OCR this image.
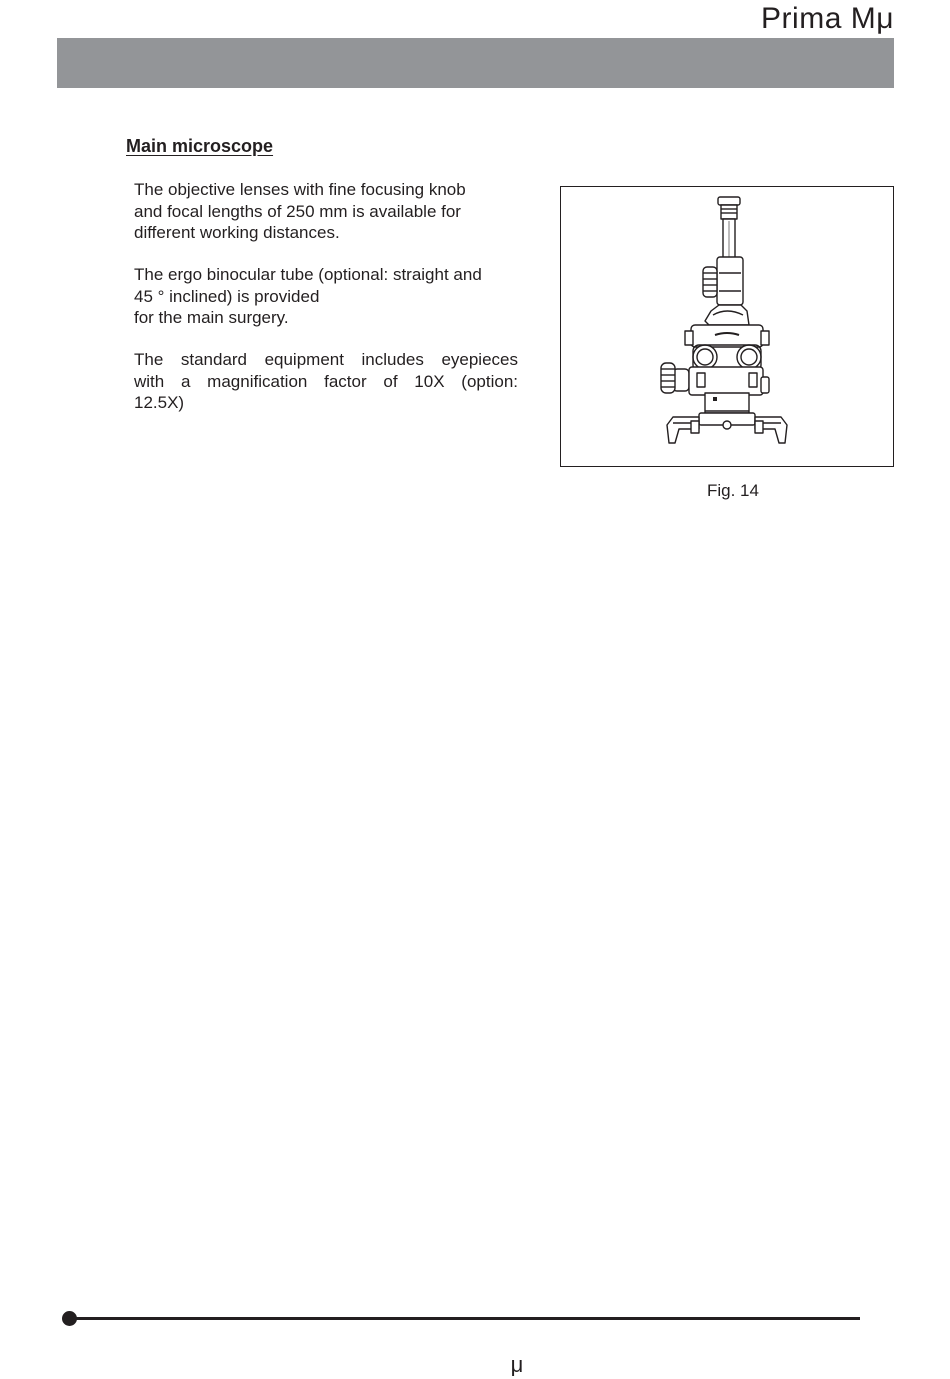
Prima Mμ
Main microscope

The objective lenses with fine focusing knob
and focal lengths of 250 mm is available for
different working distances.

The ergo binocular tube (optional: straight and
45 ° inclined) is provided
for the main surgery.

The standard equipment includes eyepieces
with a magnification factor of 10X (option:
12.5X)

Fig. 14
μ
